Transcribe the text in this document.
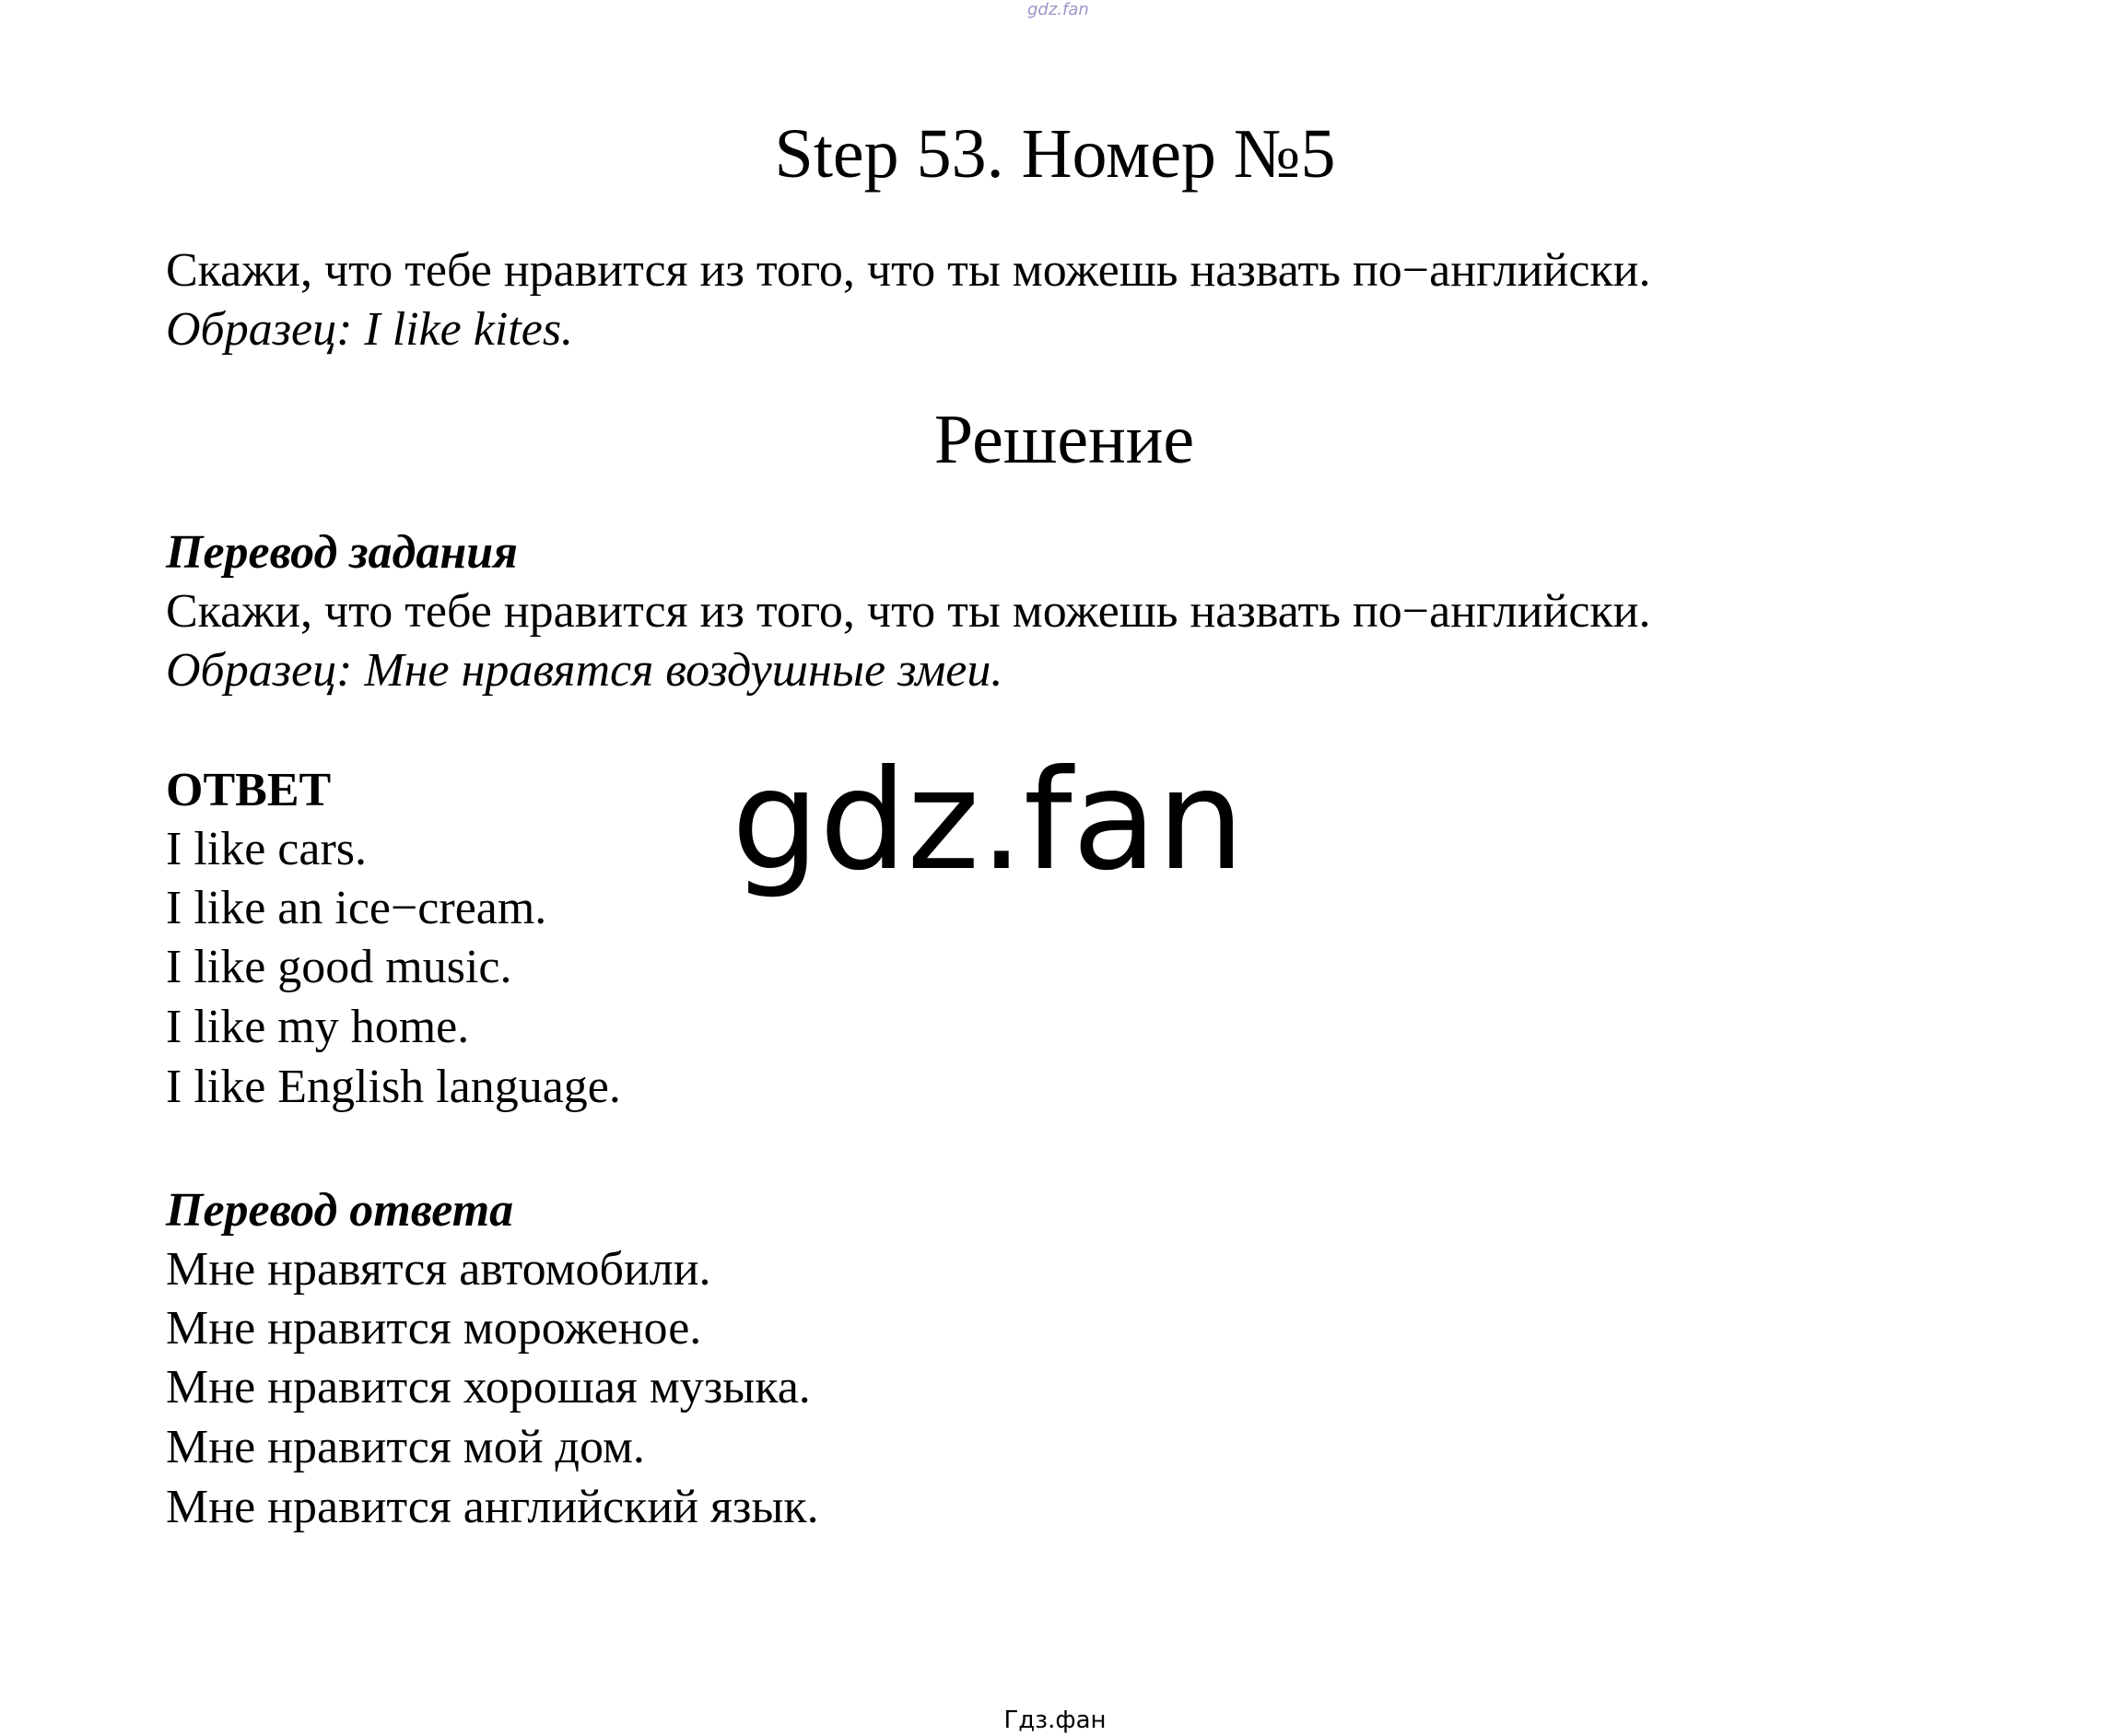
gdz.fan
Step 53. Номер №5
Скажи, что тебе нравится из того, что ты можешь назвать по−английски.
Образец: I like kites.
Решение
Перевод задания
Скажи, что тебе нравится из того, что ты можешь назвать по−английски.
Образец: Мне нравятся воздушные змеи.
ОТВЕТ
I like cars.
I like an ice−cream.
I like good music.
I like my home.
I like English language.
Перевод ответа
Мне нравятся автомобили.
Мне нравится мороженое.
Мне нравится хорошая музыка.
Мне нравится мой дом.
Мне нравится английский язык.
gdz.fan
Гдз.фан
